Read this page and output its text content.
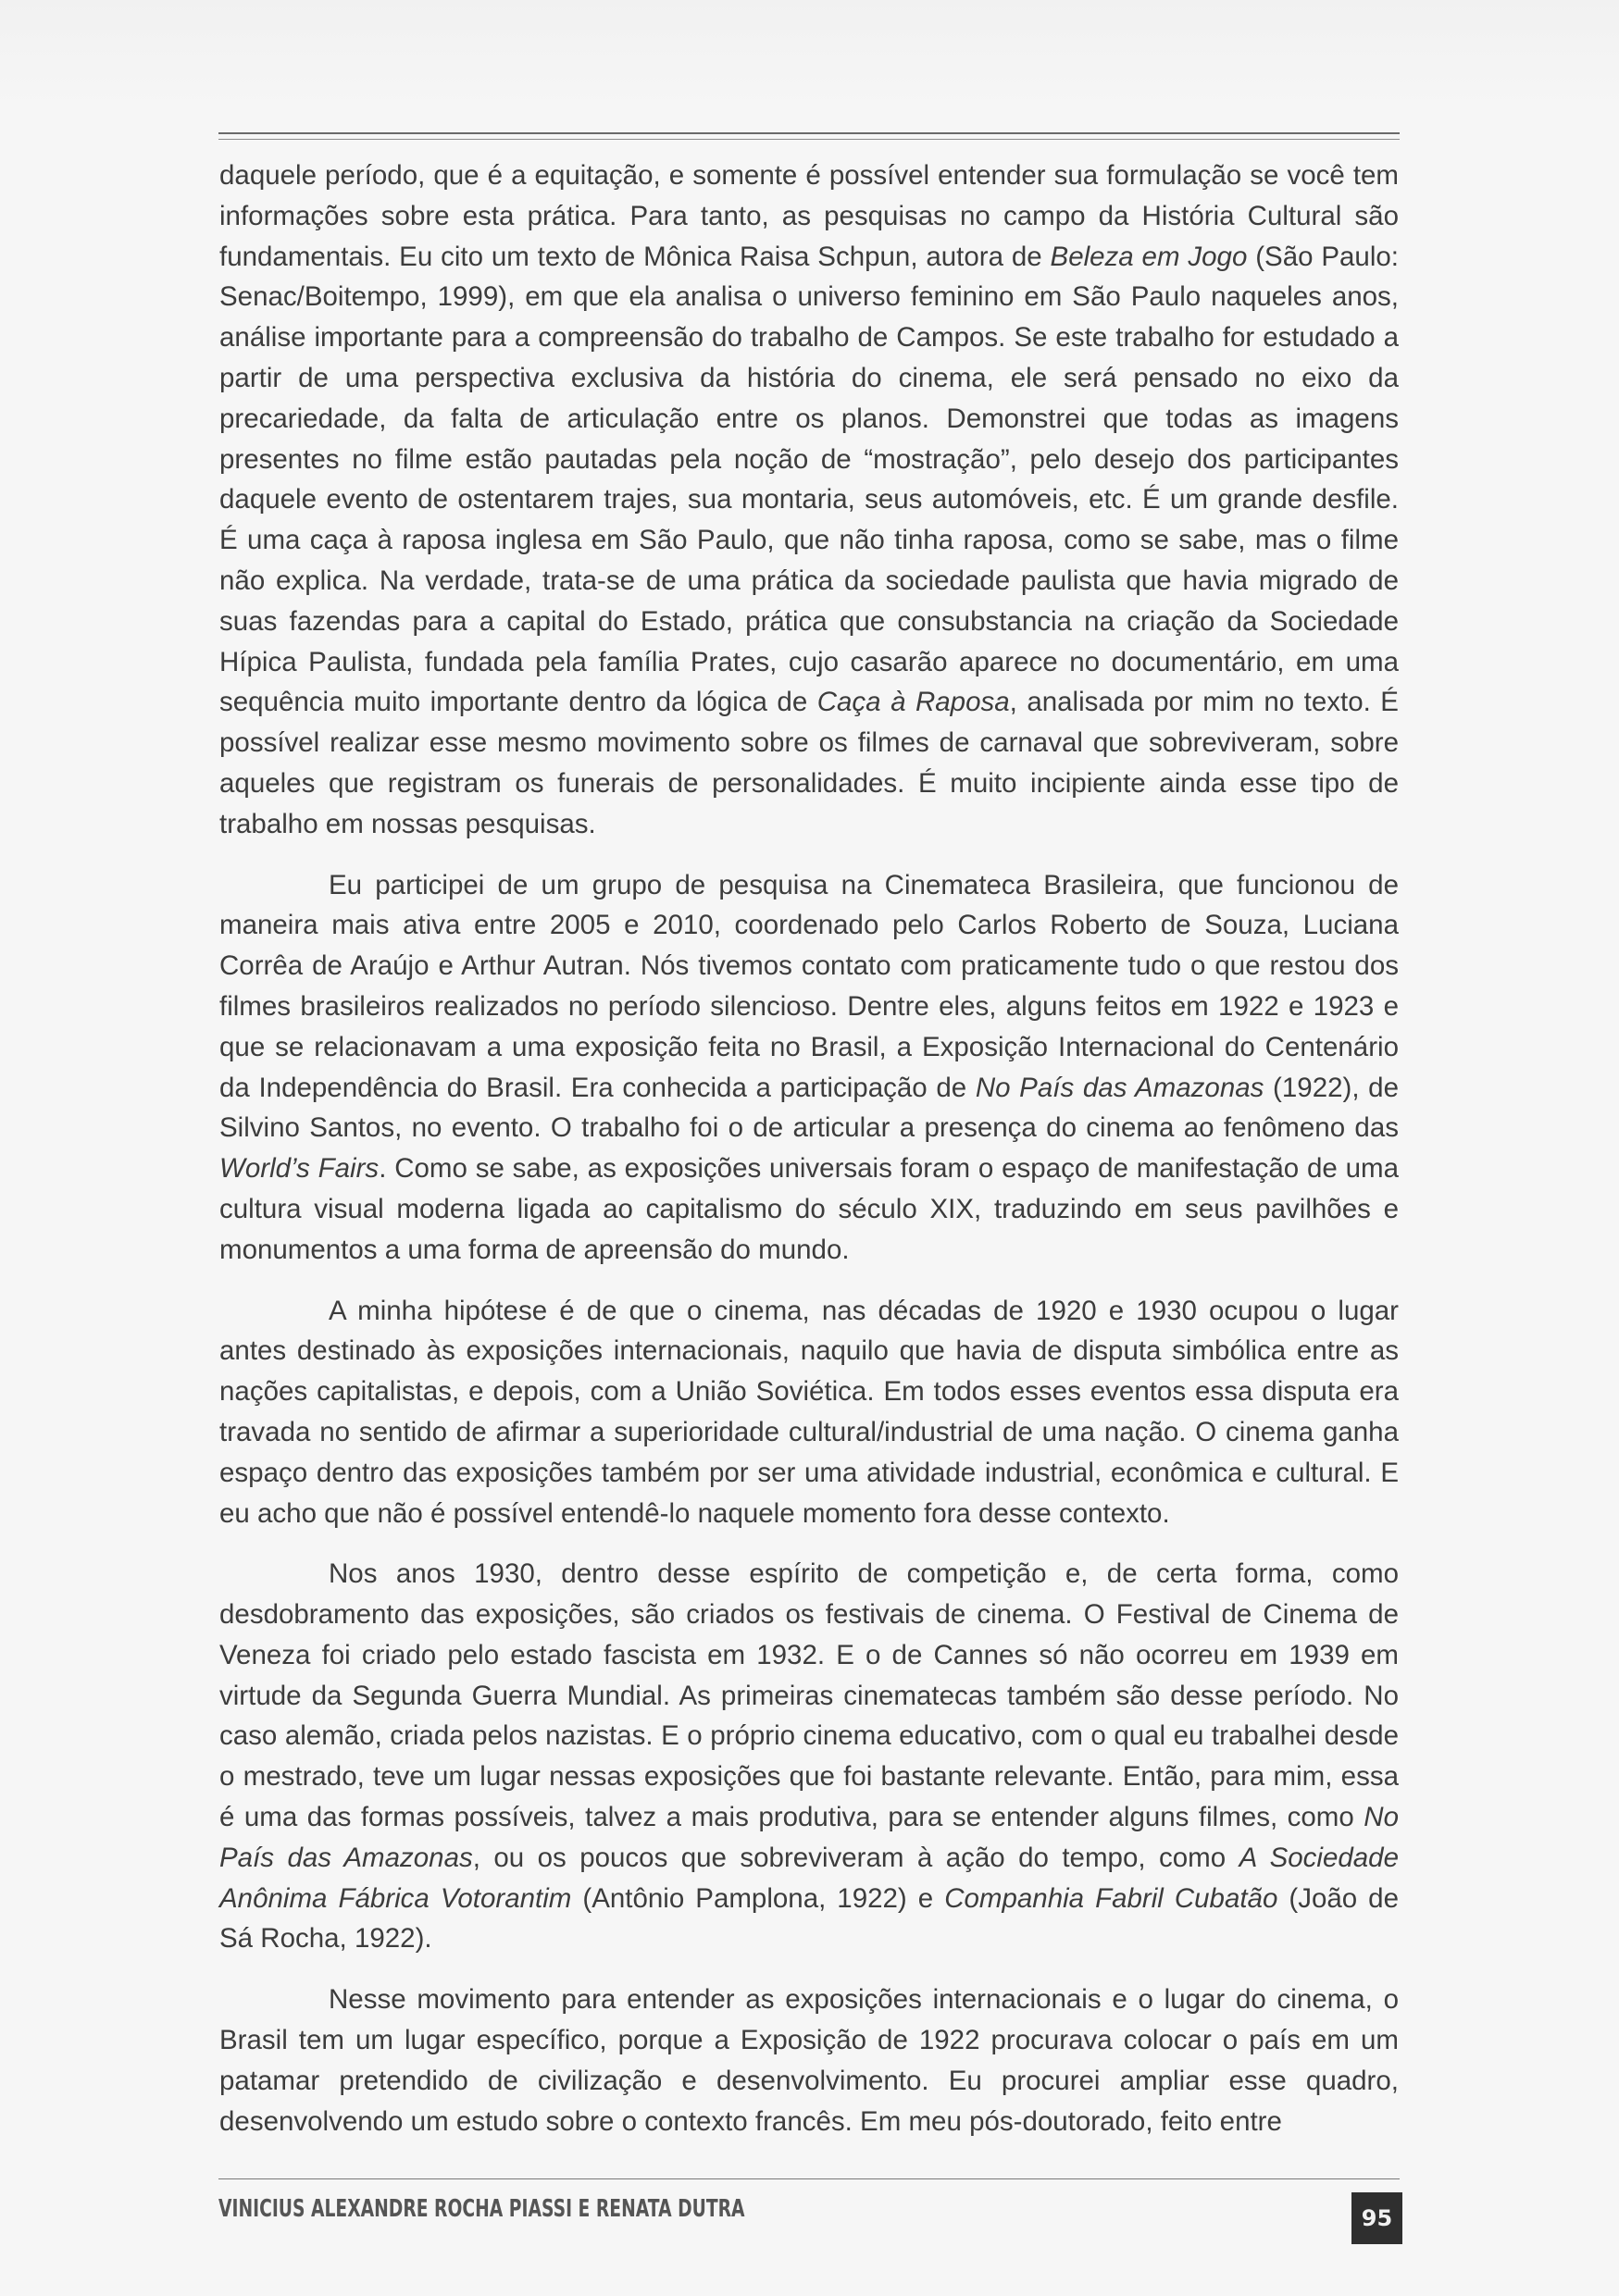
daquele período, que é a equitação, e somente é possível entender sua formulação se você tem informações sobre esta prática. Para tanto, as pesquisas no campo da História Cultural são fundamentais. Eu cito um texto de Mônica Raisa Schpun, autora de Beleza em Jogo (São Paulo: Senac/Boitempo, 1999), em que ela analisa o universo feminino em São Paulo naqueles anos, análise importante para a compreensão do trabalho de Campos. Se este trabalho for estudado a partir de uma perspectiva exclusiva da história do cinema, ele será pensado no eixo da precariedade, da falta de articulação entre os planos. Demonstrei que todas as imagens presentes no filme estão pautadas pela noção de “mostração”, pelo desejo dos participantes daquele evento de ostentarem trajes, sua montaria, seus automóveis, etc. É um grande desfile. É uma caça à raposa inglesa em São Paulo, que não tinha raposa, como se sabe, mas o filme não explica. Na verdade, trata-se de uma prática da sociedade paulista que havia migrado de suas fazendas para a capital do Estado, prática que consubstancia na criação da Sociedade Hípica Paulista, fundada pela família Prates, cujo casarão aparece no documentário, em uma sequência muito importante dentro da lógica de Caça à Raposa, analisada por mim no texto. É possível realizar esse mesmo movimento sobre os filmes de carnaval que sobreviveram, sobre aqueles que registram os funerais de personalidades. É muito incipiente ainda esse tipo de trabalho em nossas pesquisas.

Eu participei de um grupo de pesquisa na Cinemateca Brasileira, que funcionou de maneira mais ativa entre 2005 e 2010, coordenado pelo Carlos Roberto de Souza, Luciana Corrêa de Araújo e Arthur Autran. Nós tivemos contato com praticamente tudo o que restou dos filmes brasileiros realizados no período silencioso. Dentre eles, alguns feitos em 1922 e 1923 e que se relacionavam a uma exposição feita no Brasil, a Exposição Internacional do Centenário da Independência do Brasil. Era conhecida a participação de No País das Amazonas (1922), de Silvino Santos, no evento. O trabalho foi o de articular a presença do cinema ao fenômeno das World’s Fairs. Como se sabe, as exposições universais foram o espaço de manifestação de uma cultura visual moderna ligada ao capitalismo do século XIX, traduzindo em seus pavilhões e monumentos a uma forma de apreensão do mundo.

A minha hipótese é de que o cinema, nas décadas de 1920 e 1930 ocupou o lugar antes destinado às exposições internacionais, naquilo que havia de disputa simbólica entre as nações capitalistas, e depois, com a União Soviética. Em todos esses eventos essa disputa era travada no sentido de afirmar a superioridade cultural/industrial de uma nação. O cinema ganha espaço dentro das exposições também por ser uma atividade industrial, econômica e cultural. E eu acho que não é possível entendê-lo naquele momento fora desse contexto.

Nos anos 1930, dentro desse espírito de competição e, de certa forma, como desdobramento das exposições, são criados os festivais de cinema. O Festival de Cinema de Veneza foi criado pelo estado fascista em 1932. E o de Cannes só não ocorreu em 1939 em virtude da Segunda Guerra Mundial. As primeiras cinematecas também são desse período. No caso alemão, criada pelos nazistas. E o próprio cinema educativo, com o qual eu trabalhei desde o mestrado, teve um lugar nessas exposições que foi bastante relevante. Então, para mim, essa é uma das formas possíveis, talvez a mais produtiva, para se entender alguns filmes, como No País das Amazonas, ou os poucos que sobreviveram à ação do tempo, como A Sociedade Anônima Fábrica Votorantim (Antônio Pamplona, 1922) e Companhia Fabril Cubatão (João de Sá Rocha, 1922).

Nesse movimento para entender as exposições internacionais e o lugar do cinema, o Brasil tem um lugar específico, porque a Exposição de 1922 procurava colocar o país em um patamar pretendido de civilização e desenvolvimento. Eu procurei ampliar esse quadro, desenvolvendo um estudo sobre o contexto francês. Em meu pós-doutorado, feito entre

VINICIUS ALEXANDRE ROCHA PIASSI E RENATA DUTRA	95
